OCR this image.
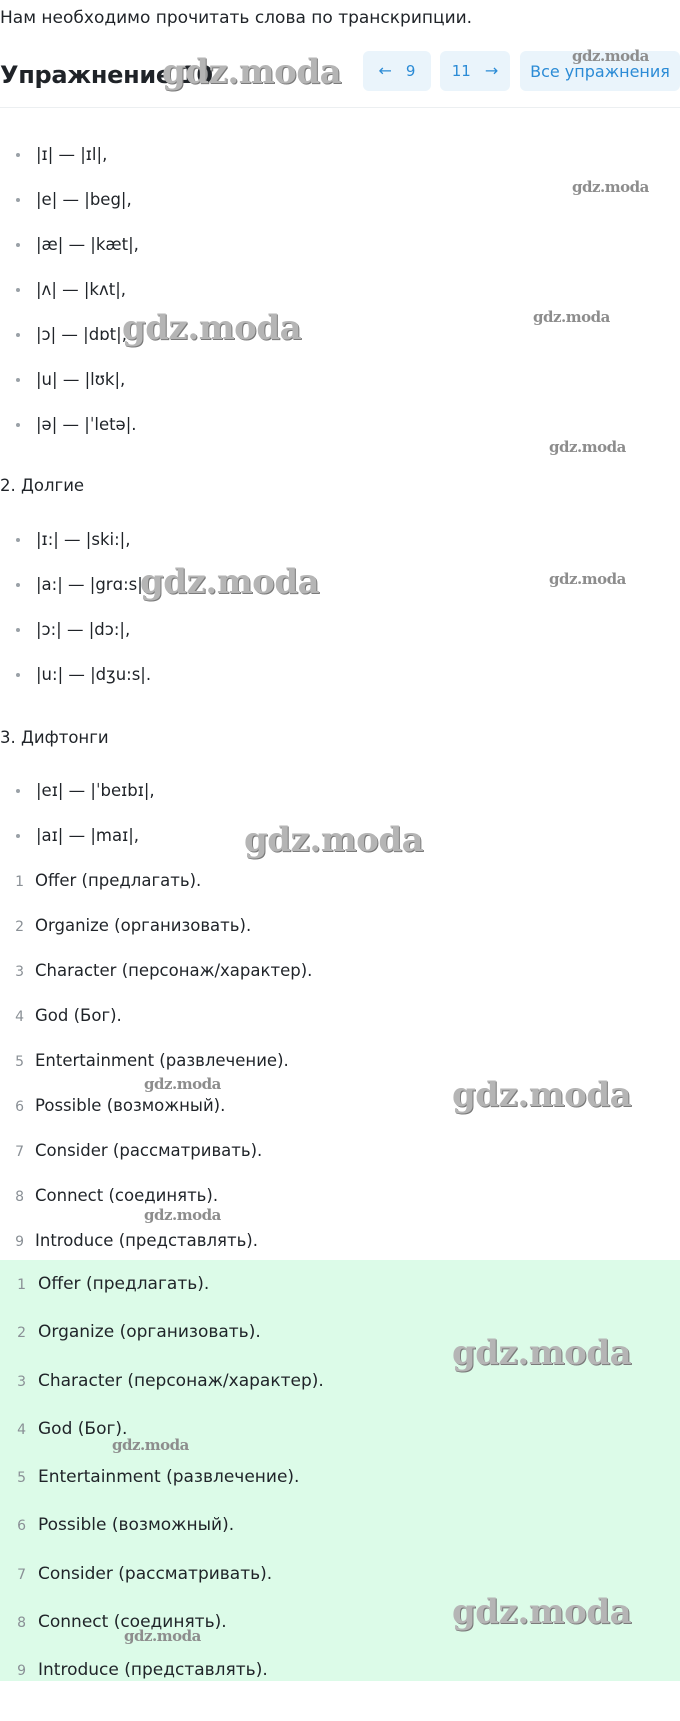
Нам необходимо прочитать слова по транскрипции.
Упражнение 10	← 9 11 → Все упражнения
|ɪ| — |ɪl|,
|e| — |beg|,
|æ| — |kæt|,
|ʌ| — |kʌt|,
|ɔ| — |dɒt|,
|u| — |lʊk|,
|ə| — |ˈletə|.
2. Долгие
|ɪ:| — |ski:|,
|a:| — |grɑ:s|,
|ɔ:| — |dɔ:|,
|u:| — |dʒu:s|.
3. Дифтонги
|eɪ| — |ˈbeɪbɪ|,
|aɪ| — |maɪ|,
1 Offer (предлагать).
2 Organize (организовать).
3 Character (персонаж/характер).
4 God (Бог).
5 Entertainment (развлечение).
6 Possible (возможный).
7 Consider (рассматривать).
8 Connect (соединять).
9 Introduce (представлять).
1 Offer (предлагать).
2 Organize (организовать).
3 Character (персонаж/характер).
4 God (Бог).
5 Entertainment (развлечение).
6 Possible (возможный).
7 Consider (рассматривать).
8 Connect (соединять).
9 Introduce (представлять).
gdz.moda	gdz.moda
gdz.moda
gdz.moda	gdz.moda
gdz.moda
gdz.moda	gdz.moda
gdz.moda
gdz.moda	gdz.moda
gdz.moda
gdz.moda
gdz.moda
gdz.moda
gdz.moda
